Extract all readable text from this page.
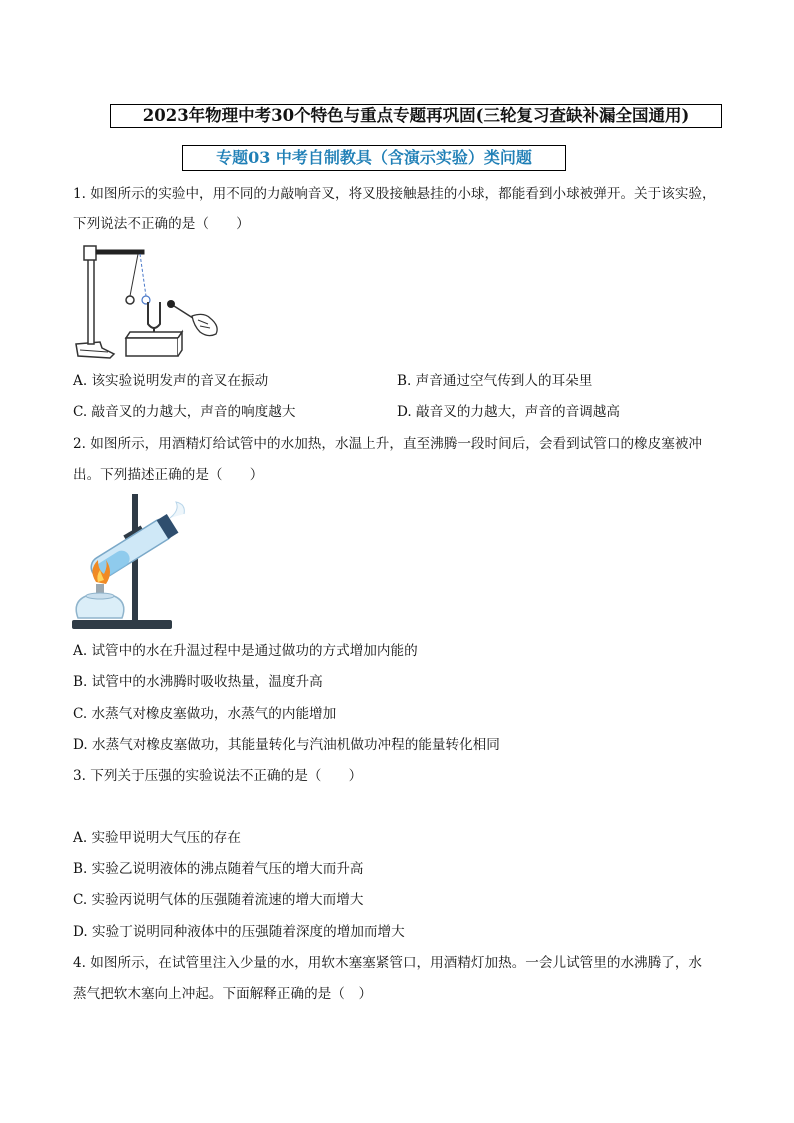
2023年物理中考30个特色与重点专题再巩固(三轮复习查缺补漏全国通用)
专题03 中考自制教具（含演示实验）类问题
1. 如图所示的实验中，用不同的力敲响音叉，将叉股接触悬挂的小球，都能看到小球被弹开。关于该实验，
下列说法不正确的是（　　）
A. 该实验说明发声的音叉在振动	B. 声音通过空气传到人的耳朵里
C. 敲音叉的力越大，声音的响度越大	D. 敲音叉的力越大，声音的音调越高
2. 如图所示，用酒精灯给试管中的水加热，水温上升，直至沸腾一段时间后，会看到试管口的橡皮塞被冲
出。下列描述正确的是（　　）
A. 试管中的水在升温过程中是通过做功的方式增加内能的
B. 试管中的水沸腾时吸收热量，温度升高
C. 水蒸气对橡皮塞做功，水蒸气的内能增加
D. 水蒸气对橡皮塞做功，其能量转化与汽油机做功冲程的能量转化相同
3. 下列关于压强的实验说法不正确的是（　　）
A. 实验甲说明大气压的存在
B. 实验乙说明液体的沸点随着气压的增大而升高
C. 实验丙说明气体的压强随着流速的增大而增大
D. 实验丁说明同种液体中的压强随着深度的增加而增大
4. 如图所示，在试管里注入少量的水，用软木塞塞紧管口，用酒精灯加热。一会儿试管里的水沸腾了，水
蒸气把软木塞向上冲起。下面解释正确的是（　）
